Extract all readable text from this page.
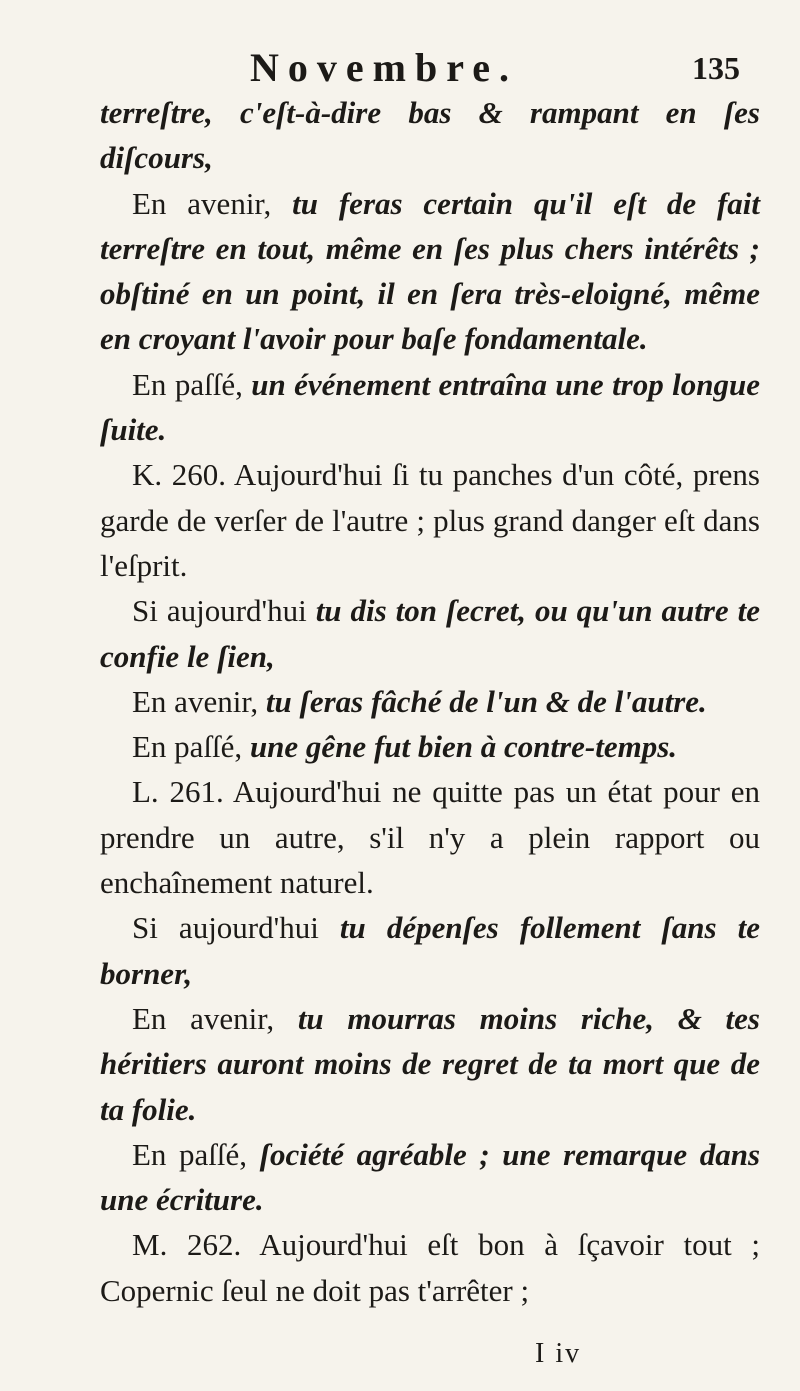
Novembre.	135

terreſtre, c'eſt-à-dire bas & rampant en ſes diſcours,

En avenir, tu feras certain qu'il eſt de fait terreſtre en tout, même en ſes plus chers intérêts ; obſtiné en un point, il en ſera très-eloigné, même en croyant l'avoir pour baſe fondamentale.

En paſſé, un événement entraîna une trop longue ſuite.

K. 260. Aujourd'hui ſi tu panches d'un côté, prens garde de verſer de l'autre ; plus grand danger eſt dans l'eſprit.

Si aujourd'hui tu dis ton ſecret, ou qu'un autre te confie le ſien,

En avenir, tu ſeras fâché de l'un & de l'autre.

En paſſé, une gêne fut bien à contre-temps.

L. 261. Aujourd'hui ne quitte pas un état pour en prendre un autre, s'il n'y a plein rapport ou enchaînement naturel.

Si aujourd'hui tu dépenſes follement ſans te borner,

En avenir, tu mourras moins riche, & tes héritiers auront moins de regret de ta mort que de ta folie.

En paſſé, ſociété agréable ; une remarque dans une écriture.

M. 262. Aujourd'hui eſt bon à ſçavoir tout ; Copernic ſeul ne doit pas t'arrêter ;

I iv
